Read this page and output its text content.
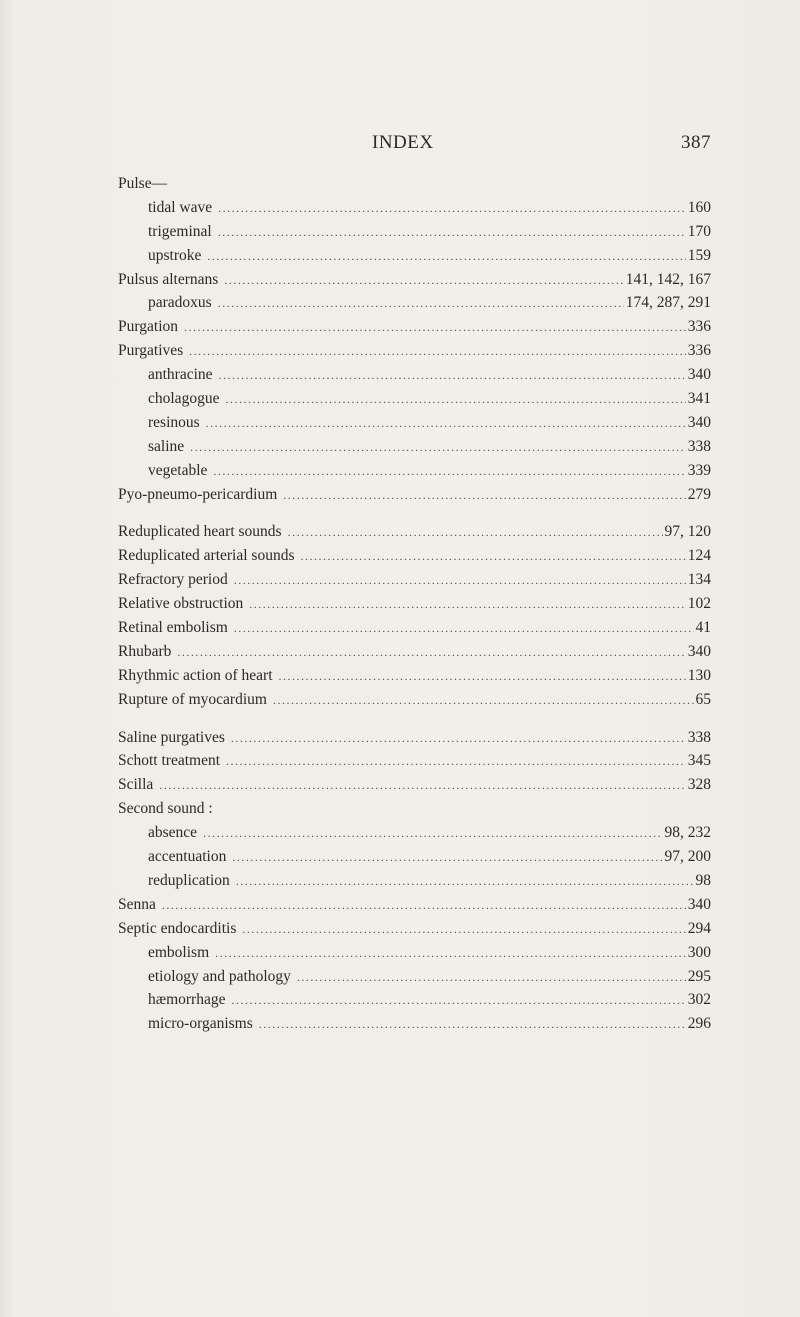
INDEX	387
Pulse—
tidal wave .....	160
trigeminal .....	170
upstroke .....	159
Pulsus alternans .....	141, 142, 167
paradoxus .....	174, 287, 291
Purgation .....	336
Purgatives .....	336
anthracine .....	340
cholagogue .....	341
resinous .....	340
saline .....	338
vegetable .....	339
Pyo-pneumo-pericardium .....	279
Reduplicated heart sounds .....	97, 120
Reduplicated arterial sounds .....	124
Refractory period .....	134
Relative obstruction .....	102
Retinal embolism .....	41
Rhubarb .....	340
Rhythmic action of heart .....	130
Rupture of myocardium .....	65
Saline purgatives .....	338
Schott treatment .....	345
Scilla .....	328
Second sound :
absence .....	98, 232
accentuation .....	97, 200
reduplication .....	98
Senna .....	340
Septic endocarditis .....	294
embolism .....	300
etiology and pathology .....	295
hæmorrhage .....	302
micro-organisms .....	296
